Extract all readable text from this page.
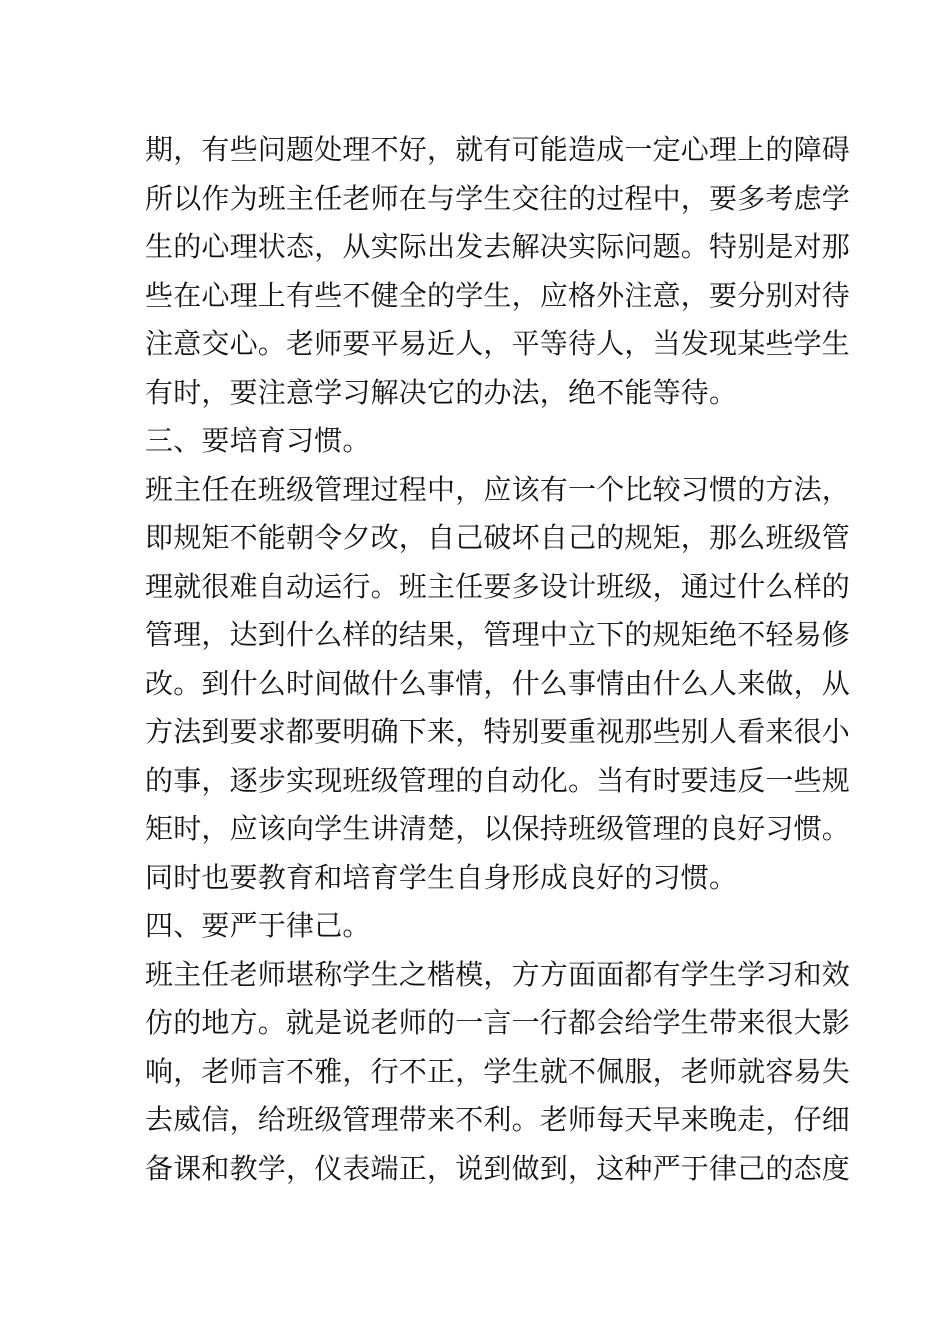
期，有些问题处理不好，就有可能造成一定心理上的障碍
所以作为班主任老师在与学生交往的过程中，要多考虑学
生的心理状态，从实际出发去解决实际问题。特别是对那
些在心理上有些不健全的学生，应格外注意，要分别对待
注意交心。老师要平易近人，平等待人，当发现某些学生
有时，要注意学习解决它的办法，绝不能等待。
三、要培育习惯。
班主任在班级管理过程中，应该有一个比较习惯的方法，
即规矩不能朝令夕改，自己破坏自己的规矩，那么班级管
理就很难自动运行。班主任要多设计班级，通过什么样的
管理，达到什么样的结果，管理中立下的规矩绝不轻易修
改。到什么时间做什么事情，什么事情由什么人来做，从
方法到要求都要明确下来，特别要重视那些别人看来很小
的事，逐步实现班级管理的自动化。当有时要违反一些规
矩时，应该向学生讲清楚，以保持班级管理的良好习惯。
同时也要教育和培育学生自身形成良好的习惯。
四、要严于律己。
班主任老师堪称学生之楷模，方方面面都有学生学习和效
仿的地方。就是说老师的一言一行都会给学生带来很大影
响，老师言不雅，行不正，学生就不佩服，老师就容易失
去威信，给班级管理带来不利。老师每天早来晚走，仔细
备课和教学，仪表端正，说到做到，这种严于律己的态度
